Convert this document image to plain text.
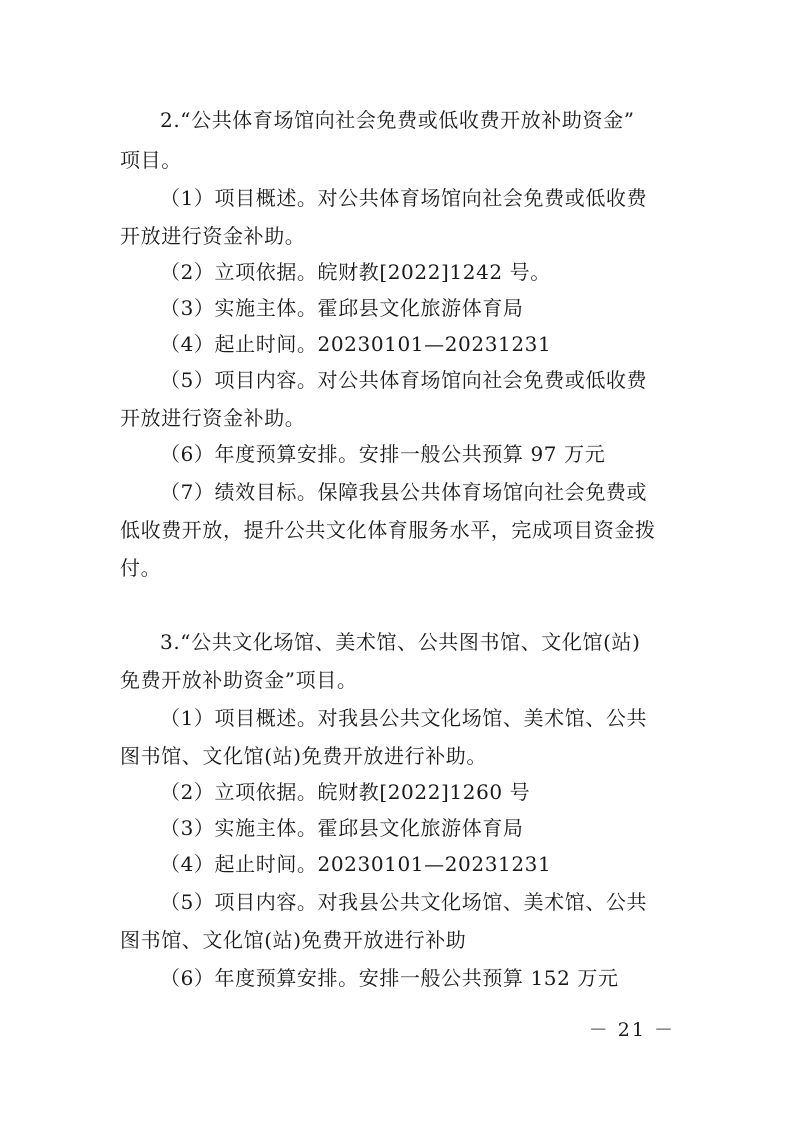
2.“公共体育场馆向社会免费或低收费开放补助资金”
项目。
（1）项目概述。对公共体育场馆向社会免费或低收费
开放进行资金补助。
（2）立项依据。皖财教[2022]1242 号。
（3）实施主体。霍邱县文化旅游体育局
（4）起止时间。20230101—20231231
（5）项目内容。对公共体育场馆向社会免费或低收费
开放进行资金补助。
（6）年度预算安排。安排一般公共预算 97 万元
（7）绩效目标。保障我县公共体育场馆向社会免费或
低收费开放，提升公共文化体育服务水平，完成项目资金拨
付。
3.“公共文化场馆、美术馆、公共图书馆、文化馆(站)
免费开放补助资金”项目。
（1）项目概述。对我县公共文化场馆、美术馆、公共
图书馆、文化馆(站)免费开放进行补助。
（2）立项依据。皖财教[2022]1260 号
（3）实施主体。霍邱县文化旅游体育局
（4）起止时间。20230101—20231231
（5）项目内容。对我县公共文化场馆、美术馆、公共
图书馆、文化馆(站)免费开放进行补助
（6）年度预算安排。安排一般公共预算 152 万元
－ 21 －
